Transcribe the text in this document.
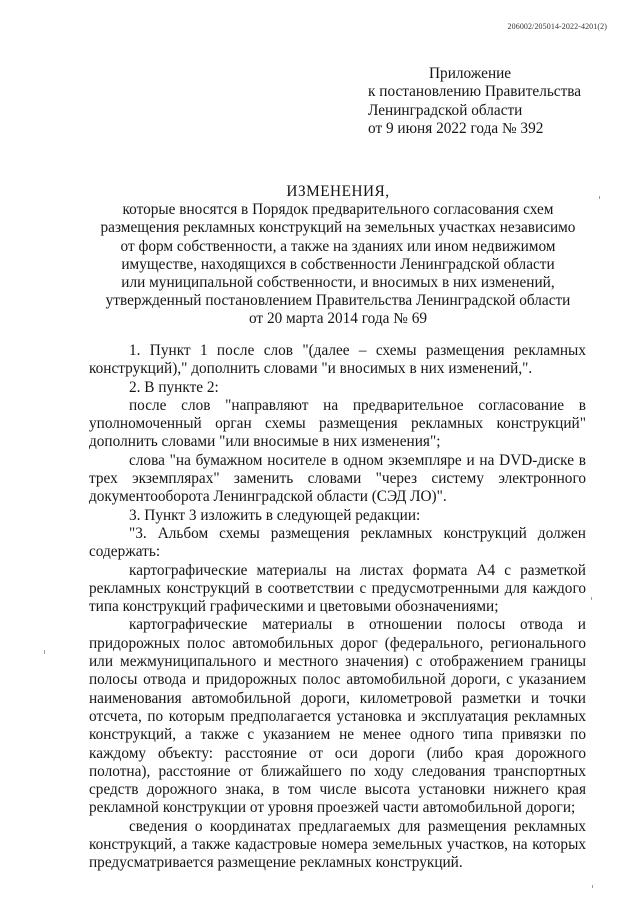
206002/205014-2022-4201(2)
Приложение
к постановлению Правительства
Ленинградской области
от 9 июня 2022 года № 392
ИЗМЕНЕНИЯ,
которые вносятся в Порядок предварительного согласования схем
размещения рекламных конструкций на земельных участках независимо
от форм собственности, а также на зданиях или ином недвижимом
имуществе, находящихся в собственности Ленинградской области
или муниципальной собственности, и вносимых в них изменений,
утвержденный постановлением Правительства Ленинградской области
от 20 марта 2014 года № 69

1. Пункт 1 после слов "(далее – схемы размещения рекламных конструкций)," дополнить словами "и вносимых в них изменений,".

2. В пункте 2:

после слов "направляют на предварительное согласование в уполномоченный орган схемы размещения рекламных конструкций" дополнить словами "или вносимые в них изменения";

слова "на бумажном носителе в одном экземпляре и на DVD-диске в трех экземплярах" заменить словами "через систему электронного документооборота Ленинградской области (СЭД ЛО)".

3. Пункт 3 изложить в следующей редакции:

"3. Альбом схемы размещения рекламных конструкций должен содержать:

картографические материалы на листах формата А4 с разметкой рекламных конструкций в соответствии с предусмотренными для каждого типа конструкций графическими и цветовыми обозначениями;

картографические материалы в отношении полосы отвода и придорожных полос автомобильных дорог (федерального, регионального или межмуниципального и местного значения) с отображением границы полосы отвода и придорожных полос автомобильной дороги, с указанием наименования автомобильной дороги, километровой разметки и точки отсчета, по которым предполагается установка и эксплуатация рекламных конструкций, а также с указанием не менее одного типа привязки по каждому объекту: расстояние от оси дороги (либо края дорожного полотна), расстояние от ближайшего по ходу следования транспортных средств дорожного знака, в том числе высота установки нижнего края рекламной конструкции от уровня проезжей части автомобильной дороги;

сведения о координатах предлагаемых для размещения рекламных конструкций, а также кадастровые номера земельных участков, на которых предусматривается размещение рекламных конструкций.
